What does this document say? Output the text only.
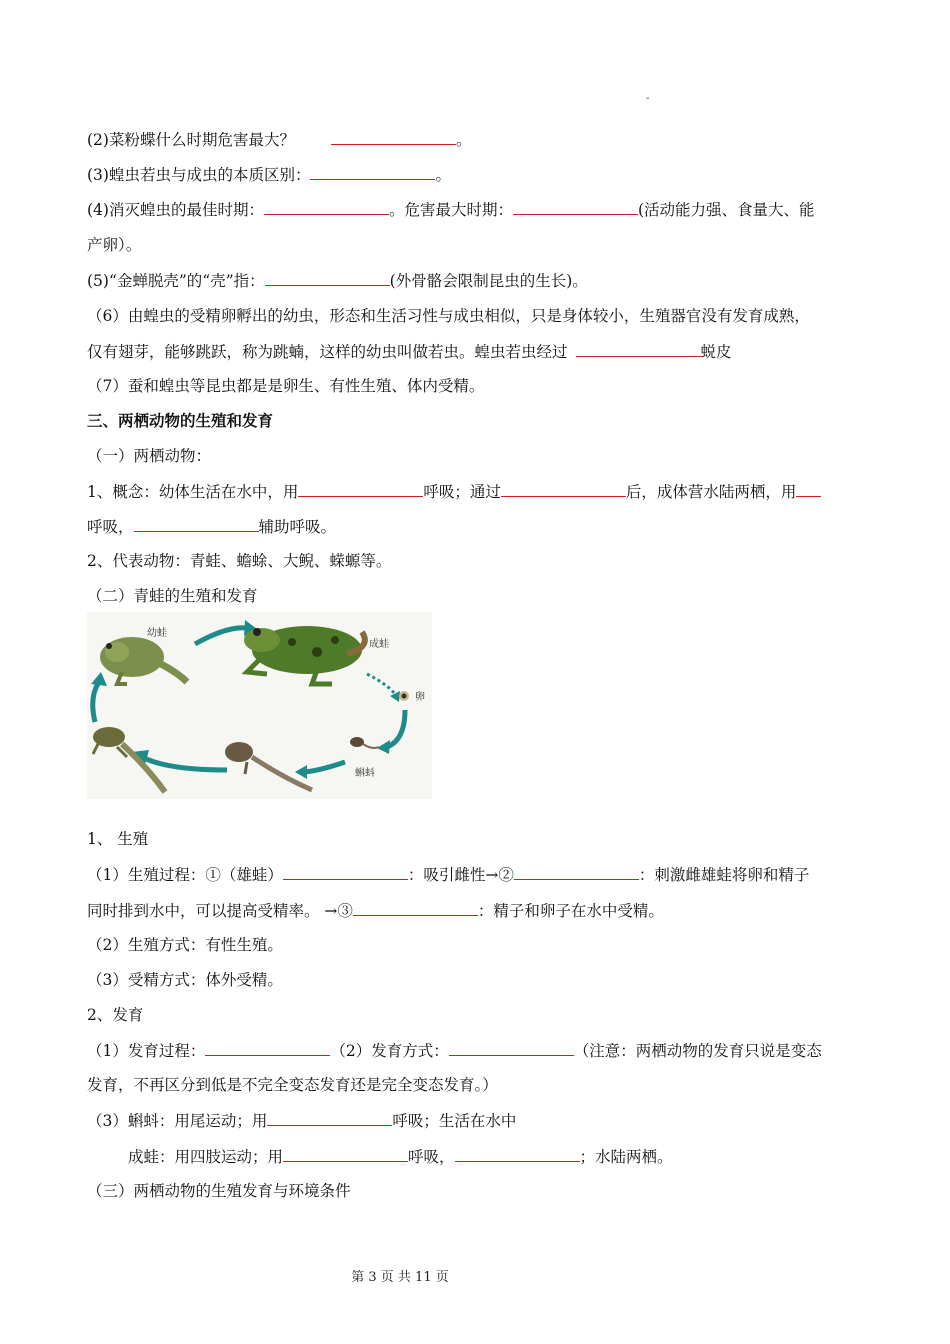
-
(2)菜粉蝶什么时期危害最大？	。
(3)蝗虫若虫与成虫的本质区别：	。
(4)消灭蝗虫的最佳时期：	。危害最大时期：	(活动能力强、食量大、能
产卵）。
(5)“金蝉脱壳”的“壳”指：	(外骨骼会限制昆虫的生长)。
（6）由蝗虫的受精卵孵出的幼虫，形态和生活习性与成虫相似，只是身体较小，生殖器官没有发育成熟，
仅有翅芽，能够跳跃，称为跳蝻，这样的幼虫叫做若虫。蝗虫若虫经过	蜕皮
（7）蚕和蝗虫等昆虫都是是卵生、有性生殖、体内受精。
三、两栖动物的生殖和发育
（一）两栖动物：
1、概念：幼体生活在水中，用	呼吸；通过	后，成体营水陆两栖，用
呼吸，	辅助呼吸。
2、代表动物：青蛙、蟾蜍、大鲵、蝾螈等。
（二）青蛙的生殖和发育
幼蛙
成蛙
卵
蝌蚪
1、 生殖
（1）生殖过程：①（雄蛙）	：吸引雌性→②	：刺激雌雄蛙将卵和精子
同时排到水中，可以提高受精率。 →③	：精子和卵子在水中受精。
（2）生殖方式：有性生殖。
（3）受精方式：体外受精。
2、发育
（1）发育过程：	（2）发育方式：	（注意：两栖动物的发育只说是变态
发育，不再区分到低是不完全变态发育还是完全变态发育。）
（3）蝌蚪：用尾运动；用	呼吸；生活在水中
成蛙：用四肢运动；用	呼吸，	；水陆两栖。
（三）两栖动物的生殖发育与环境条件
第 3 页 共 11 页
